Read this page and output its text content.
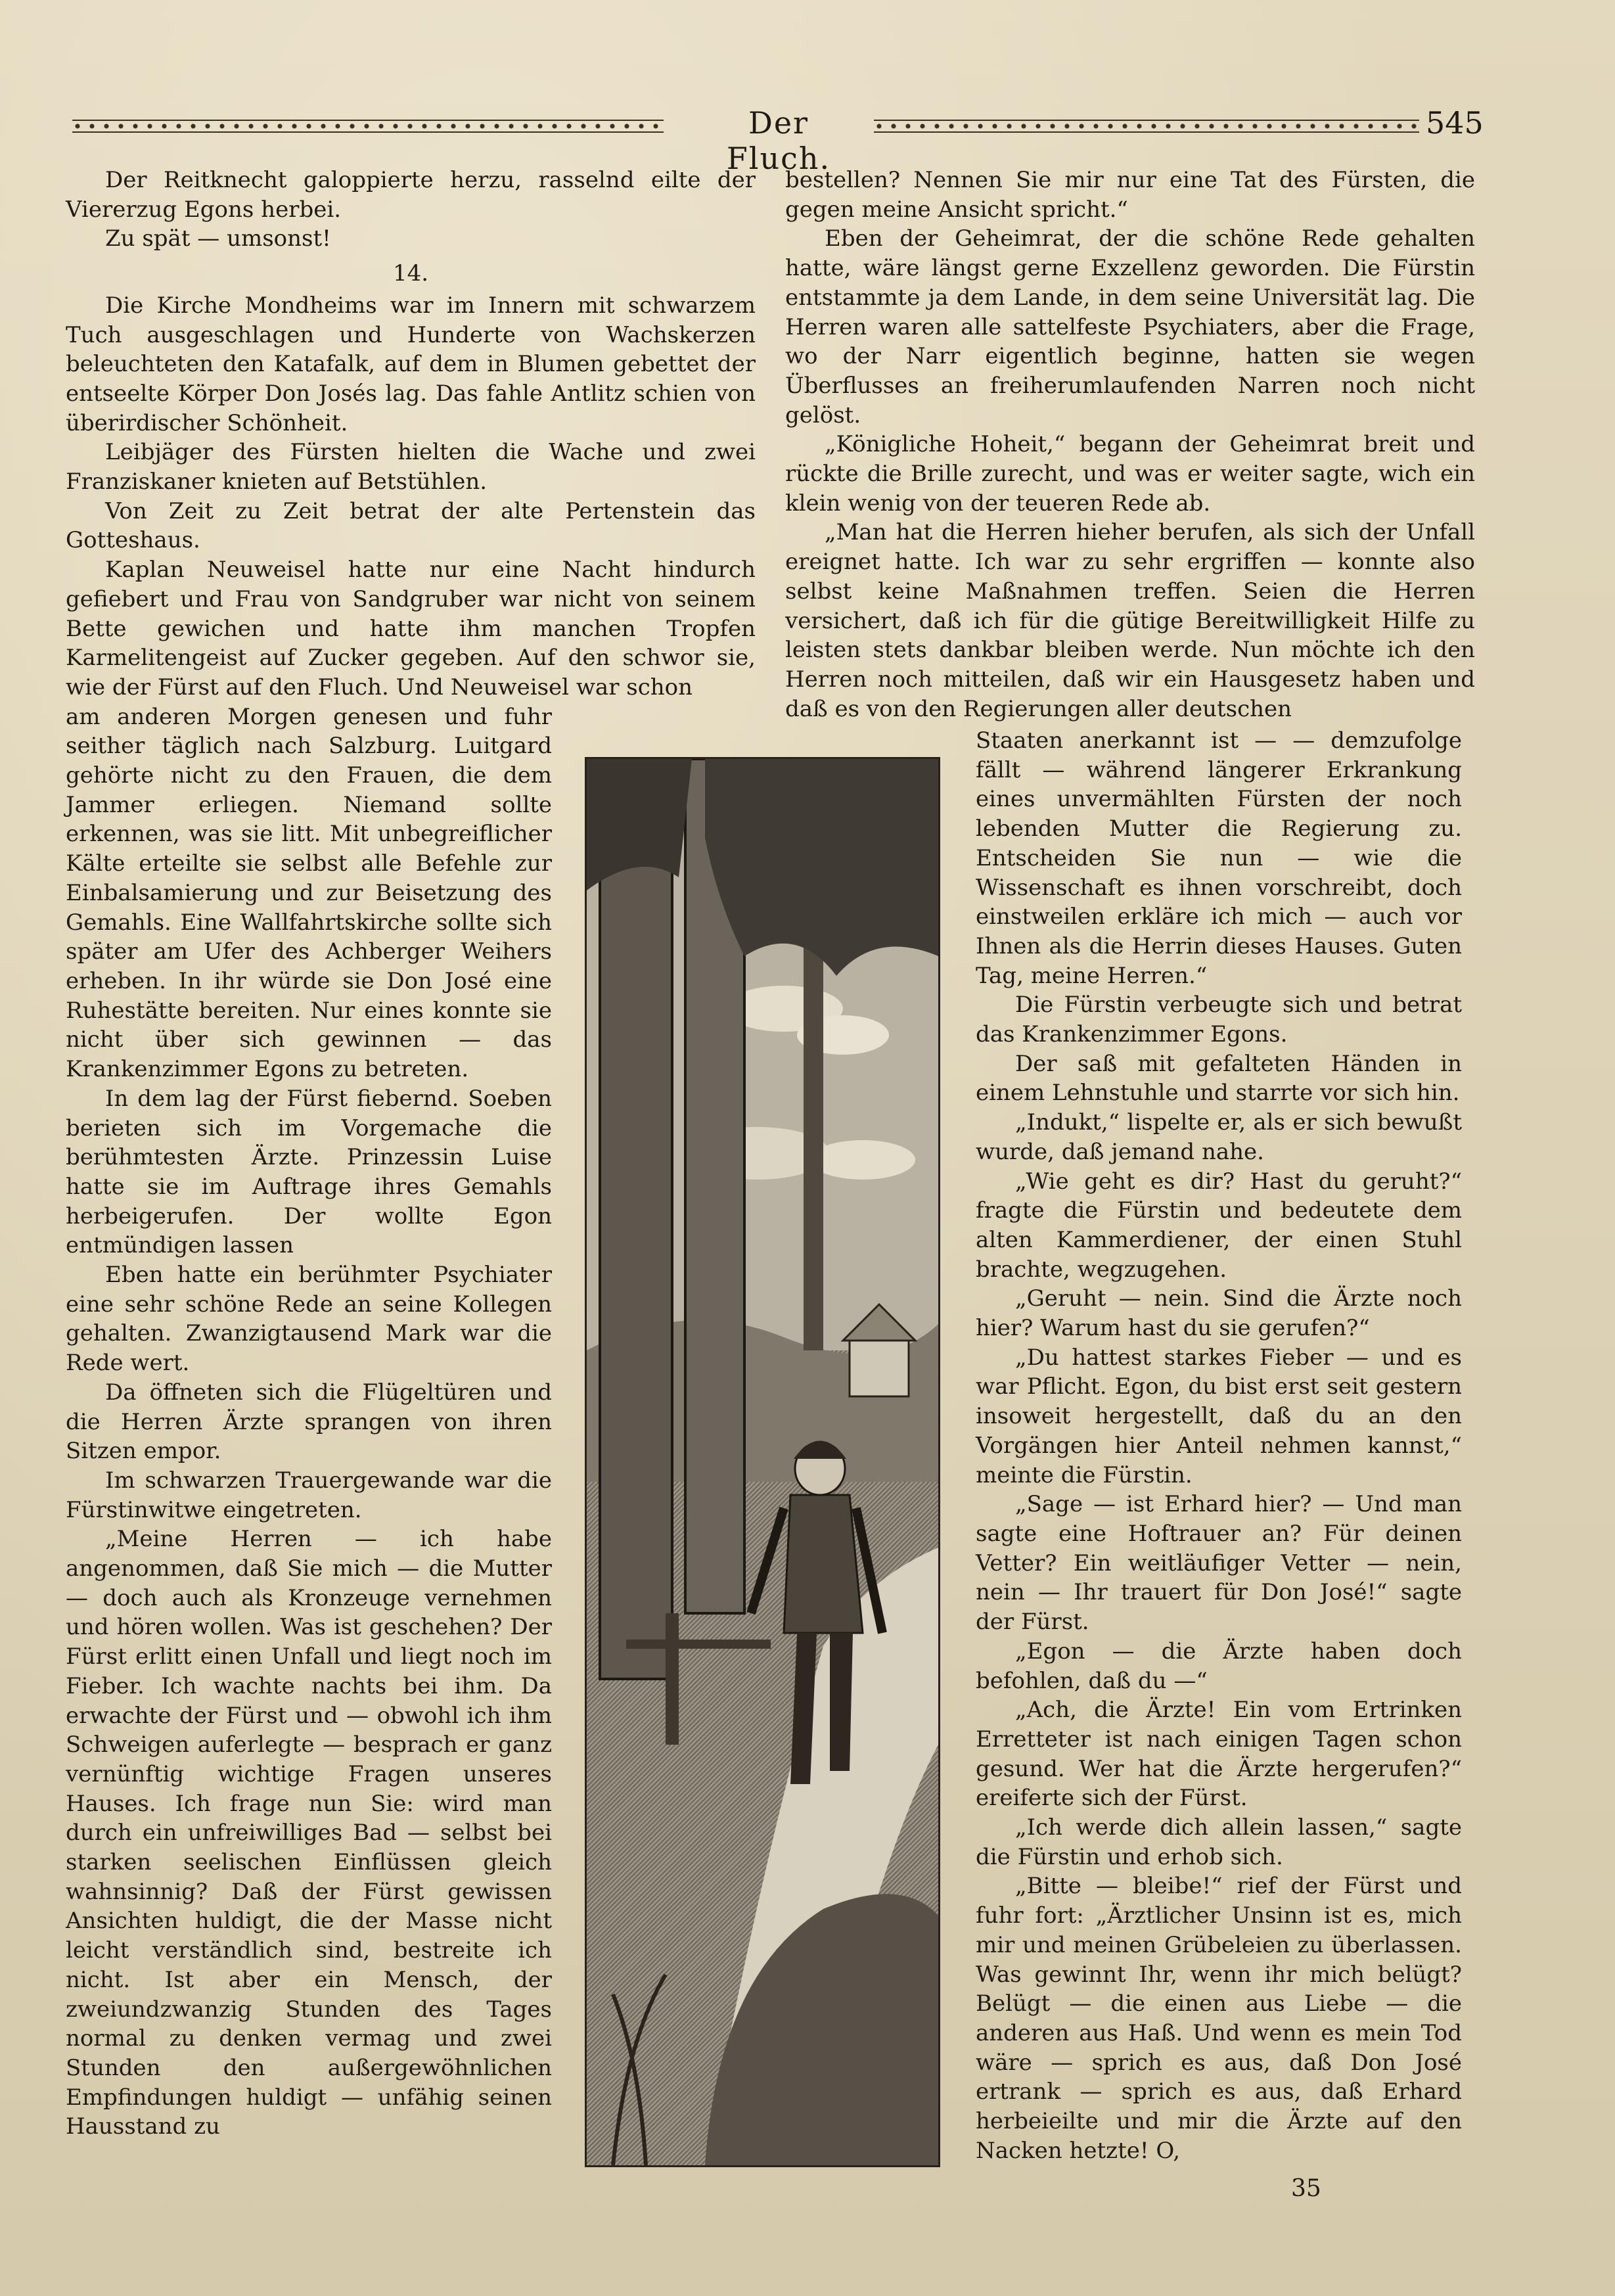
Der Fluch.
545

Der Reitknecht galoppierte herzu, rasselnd eilte der Viererzug Egons herbei.

Zu spät — umsonst!

14.

Die Kirche Mondheims war im Innern mit schwarzem Tuch ausgeschlagen und Hunderte von Wachskerzen beleuchteten den Katafalk, auf dem in Blumen gebettet der entseelte Körper Don Josés lag. Das fahle Antlitz schien von überirdischer Schönheit.

Leibjäger des Fürsten hielten die Wache und zwei Franziskaner knieten auf Betstühlen.

Von Zeit zu Zeit betrat der alte Pertenstein das Gotteshaus.

Kaplan Neuweisel hatte nur eine Nacht hindurch gefiebert und Frau von Sandgruber war nicht von seinem Bette gewichen und hatte ihm manchen Tropfen Karmelitengeist auf Zucker gegeben. Auf den schwor sie, wie der Fürst auf den Fluch. Und Neuweisel war schon

am anderen Morgen genesen und fuhr seither täglich nach Salzburg. Luitgard gehörte nicht zu den Frauen, die dem Jammer erliegen. Niemand sollte erkennen, was sie litt. Mit unbegreiflicher Kälte erteilte sie selbst alle Befehle zur Einbalsamierung und zur Beisetzung des Gemahls. Eine Wallfahrtskirche sollte sich später am Ufer des Achberger Weihers erheben. In ihr würde sie Don José eine Ruhestätte bereiten. Nur eines konnte sie nicht über sich gewinnen — das Krankenzimmer Egons zu betreten.

In dem lag der Fürst fiebernd. Soeben berieten sich im Vorgemache die berühmtesten Ärzte. Prinzessin Luise hatte sie im Auftrage ihres Gemahls herbeigerufen. Der wollte Egon entmündigen lassen

Eben hatte ein berühmter Psychiater eine sehr schöne Rede an seine Kollegen gehalten. Zwanzigtausend Mark war die Rede wert.

Da öffneten sich die Flügeltüren und die Herren Ärzte sprangen von ihren Sitzen empor.

Im schwarzen Trauergewande war die Fürstinwitwe eingetreten.

„Meine Herren — ich habe angenommen, daß Sie mich — die Mutter — doch auch als Kronzeuge vernehmen und hören wollen. Was ist geschehen? Der Fürst erlitt einen Unfall und liegt noch im Fieber. Ich wachte nachts bei ihm. Da erwachte der Fürst und — obwohl ich ihm Schweigen auferlegte — besprach er ganz vernünftig wichtige Fragen unseres Hauses. Ich frage nun Sie: wird man durch ein unfreiwilliges Bad — selbst bei starken seelischen Einflüssen gleich wahnsinnig? Daß der Fürst gewissen Ansichten huldigt, die der Masse nicht leicht verständlich sind, bestreite ich nicht. Ist aber ein Mensch, der zweiundzwanzig Stunden des Tages normal zu denken vermag und zwei Stunden den außergewöhnlichen Empfindungen huldigt — unfähig seinen Hausstand zu

bestellen? Nennen Sie mir nur eine Tat des Fürsten, die gegen meine Ansicht spricht.“

Eben der Geheimrat, der die schöne Rede gehalten hatte, wäre längst gerne Exzellenz geworden. Die Fürstin entstammte ja dem Lande, in dem seine Universität lag. Die Herren waren alle sattelfeste Psychiaters, aber die Frage, wo der Narr eigentlich beginne, hatten sie wegen Überflusses an freiherumlaufenden Narren noch nicht gelöst.

„Königliche Hoheit,“ begann der Geheimrat breit und rückte die Brille zurecht, und was er weiter sagte, wich ein klein wenig von der teueren Rede ab.

„Man hat die Herren hieher berufen, als sich der Unfall ereignet hatte. Ich war zu sehr ergriffen — konnte also selbst keine Maßnahmen treffen. Seien die Herren versichert, daß ich für die gütige Bereitwilligkeit Hilfe zu leisten stets dankbar bleiben werde. Nun möchte ich den Herren noch mitteilen, daß wir ein Hausgesetz haben und daß es von den Regierungen aller deutschen

Staaten anerkannt ist — — demzufolge fällt — während längerer Erkrankung eines unvermählten Fürsten der noch lebenden Mutter die Regierung zu. Entscheiden Sie nun — wie die Wissenschaft es ihnen vorschreibt, doch einstweilen erkläre ich mich — auch vor Ihnen als die Herrin dieses Hauses. Guten Tag, meine Herren.“

Die Fürstin verbeugte sich und betrat das Krankenzimmer Egons.

Der saß mit gefalteten Händen in einem Lehnstuhle und starrte vor sich hin.

„Indukt,“ lispelte er, als er sich bewußt wurde, daß jemand nahe.

„Wie geht es dir? Hast du geruht?“ fragte die Fürstin und bedeutete dem alten Kammerdiener, der einen Stuhl brachte, wegzugehen.

„Geruht — nein. Sind die Ärzte noch hier? Warum hast du sie gerufen?“

„Du hattest starkes Fieber — und es war Pflicht. Egon, du bist erst seit gestern insoweit hergestellt, daß du an den Vorgängen hier Anteil nehmen kannst,“ meinte die Fürstin.

„Sage — ist Erhard hier? — Und man sagte eine Hoftrauer an? Für deinen Vetter? Ein weitläufiger Vetter — nein, nein — Ihr trauert für Don José!“ sagte der Fürst.

„Egon — die Ärzte haben doch befohlen, daß du —“

„Ach, die Ärzte! Ein vom Ertrinken Erretteter ist nach einigen Tagen schon gesund. Wer hat die Ärzte hergerufen?“ ereiferte sich der Fürst.

„Ich werde dich allein lassen,“ sagte die Fürstin und erhob sich.

„Bitte — bleibe!“ rief der Fürst und fuhr fort: „Ärztlicher Unsinn ist es, mich mir und meinen Grübeleien zu überlassen. Was gewinnt Ihr, wenn ihr mich belügt? Belügt — die einen aus Liebe — die anderen aus Haß. Und wenn es mein Tod wäre — sprich es aus, daß Don José ertrank — sprich es aus, daß Erhard herbeieilte und mir die Ärzte auf den Nacken hetzte! O,

35
